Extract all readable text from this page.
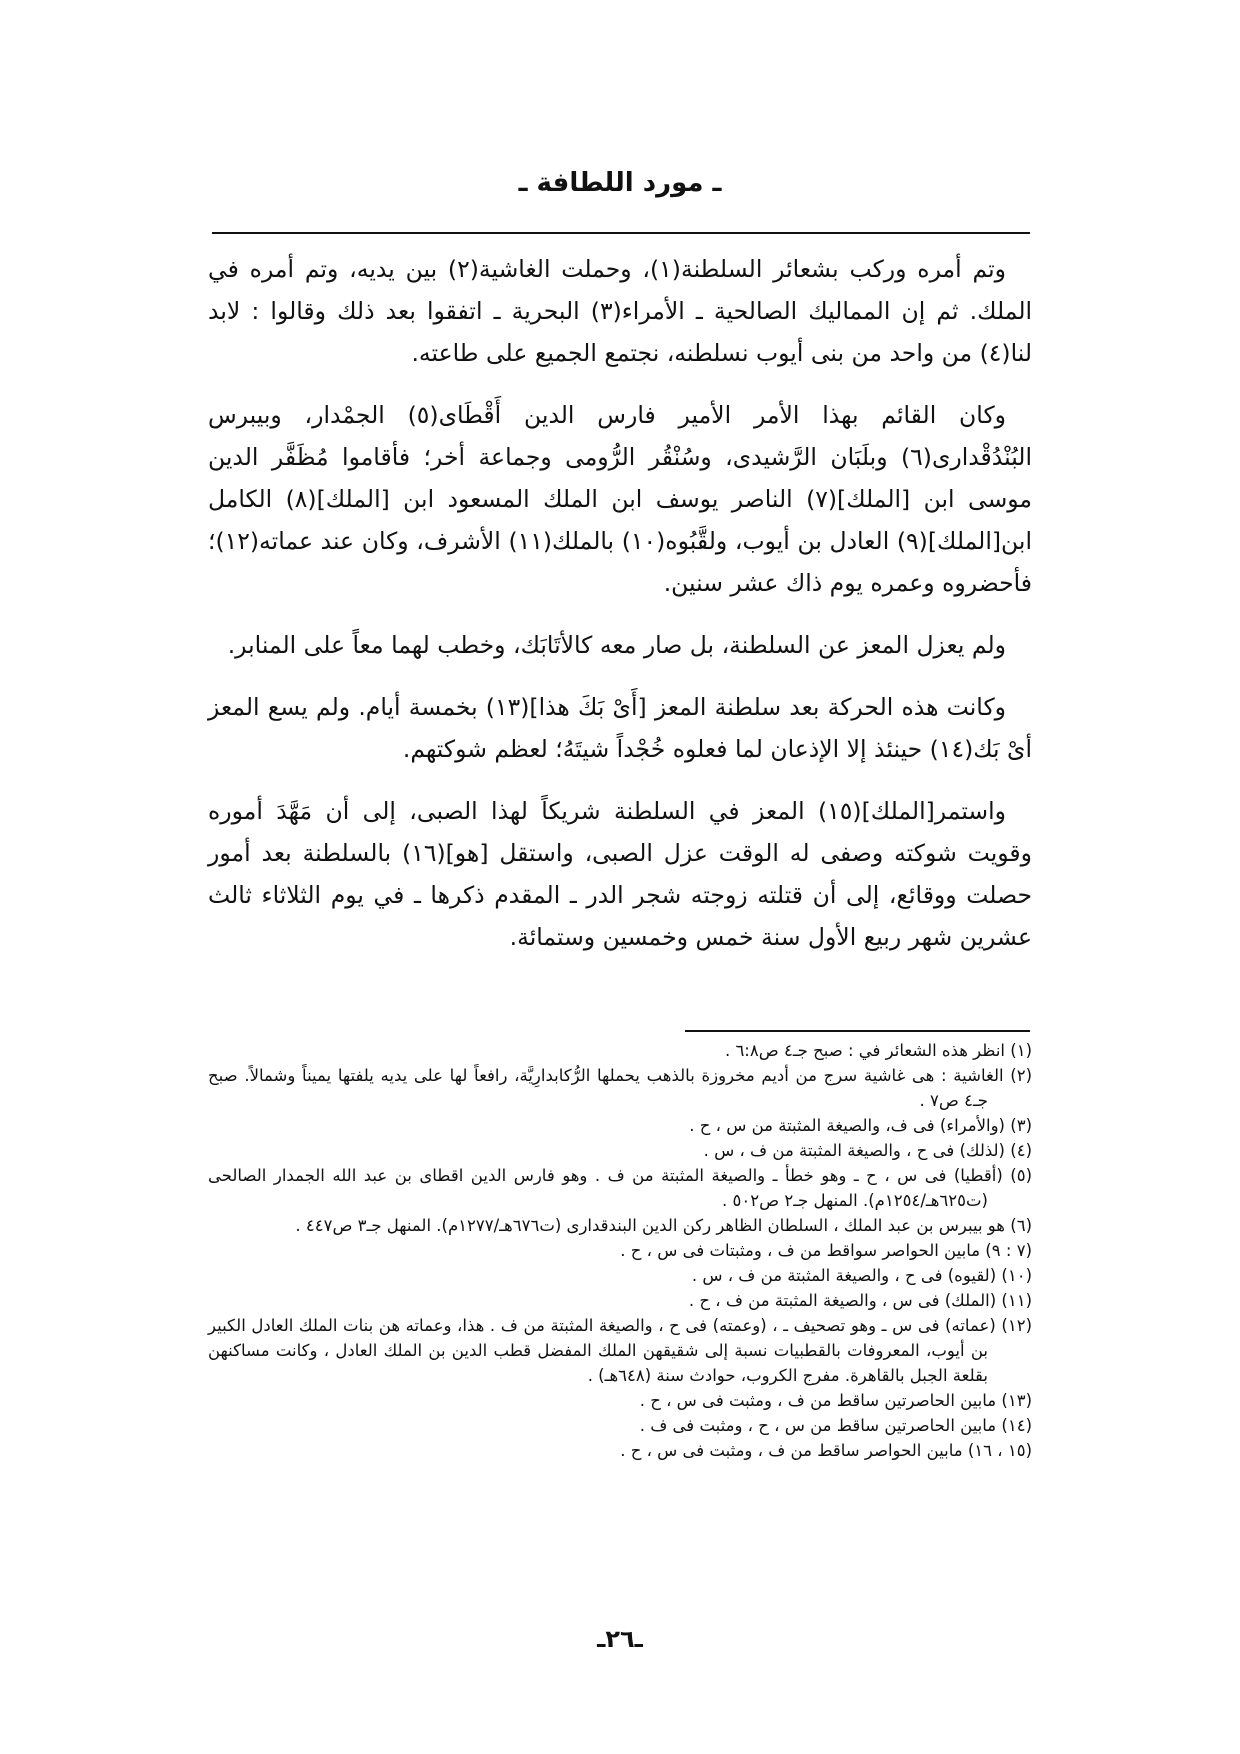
ـ مورد اللطافة ـ

وتم أمره وركب بشعائر السلطنة(١)، وحملت الغاشية(٢) بين يديه، وتم أمره في الملك. ثم إن المماليك الصالحية ـ الأمراء(٣) البحرية ـ اتفقوا بعد ذلك وقالوا : لابد لنا(٤) من واحد من بنى أيوب نسلطنه، نجتمع الجميع على طاعته.

وكان القائم بهذا الأمر الأمير فارس الدين أَقْطَاى(٥) الجمْدار، وبيبرس البُنْدُقْدارى(٦) وبلَبَان الرَّشيدى، وسُنْقُر الرُّومى وجماعة أخر؛ فأقاموا مُظَفَّر الدين موسى ابن [الملك](٧) الناصر يوسف ابن الملك المسعود ابن [الملك](٨) الكامل ابن[الملك](٩) العادل بن أيوب، ولقَّبُوه(١٠) بالملك(١١) الأشرف، وكان عند عماته(١٢)؛ فأحضروه وعمره يوم ذاك عشر سنين.

ولم يعزل المعز عن السلطنة، بل صار معه كالأتَابَك، وخطب لهما معاً على المنابر.

وكانت هذه الحركة بعد سلطنة المعز [أَىْ بَكَ هذا](١٣) بخمسة أيام. ولم يسع المعز أىْ بَك(١٤) حينئذ إلا الإذعان لما فعلوه خُجْداً شيتَهُ؛ لعظم شوكتهم.

واستمر[الملك](١٥) المعز في السلطنة شريكاً لهذا الصبى، إلى أن مَهَّدَ أموره وقويت شوكته وصفى له الوقت عزل الصبى، واستقل [هو](١٦) بالسلطنة بعد أمور حصلت ووقائع، إلى أن قتلته زوجته شجر الدر ـ المقدم ذكرها ـ في يوم الثلاثاء ثالث عشرين شهر ربيع الأول سنة خمس وخمسين وستمائة.

(١) انظر هذه الشعائر في : صبح جـ٤ ص٦:٨ .

(٢) الغاشية : هى غاشية سرج من أديم مخروزة بالذهب يحملها الرُّكابدارِيَّة، رافعاً لها على يديه يلفتها يميناً وشمالاً. صبح جـ٤ ص٧ .

(٣) (والأمراء) فى ف، والصيغة المثبتة من س ، ح .

(٤) (لذلك) فى ح ، والصيغة المثبتة من ف ، س .

(٥) (أقطيا) فى س ، ح ـ وهو خطأ ـ والصيغة المثبتة من ف . وهو فارس الدين اقطاى بن عبد الله الجمدار الصالحى (ت٦٢٥هـ/١٢٥٤م). المنهل جـ٢ ص٥٠٢ .

(٦) هو بيبرس بن عبد الملك ، السلطان الظاهر ركن الدين البندقدارى (ت٦٧٦هـ/١٢٧٧م). المنهل جـ٣ ص٤٤٧ .

(٧ : ٩) مابين الحواصر سواقط من ف ، ومثبتات فى س ، ح .

(١٠) (لقيوه) فى ح ، والصيغة المثبتة من ف ، س .

(١١) (الملك) فى س ، والصيغة المثبتة من ف ، ح .

(١٢) (عماته) فى س ـ وهو تصحيف ـ ، (وعمته) فى ح ، والصيغة المثبتة من ف . هذا، وعماته هن بنات الملك العادل الكبير بن أيوب، المعروفات بالقطبيات نسبة إلى شقيقهن الملك المفضل قطب الدين بن الملك العادل ، وكانت مساكنهن بقلعة الجبل بالقاهرة. مفرج الكروب، حوادث سنة (٦٤٨هـ) .

(١٣) مابين الحاصرتين ساقط من ف ، ومثبت فى س ، ح .

(١٤) مابين الحاصرتين ساقط من س ، ح ، ومثبت فى ف .

(١٥ ، ١٦) مابين الحواصر ساقط من ف ، ومثبت فى س ، ح .

ـ٢٦ـ
